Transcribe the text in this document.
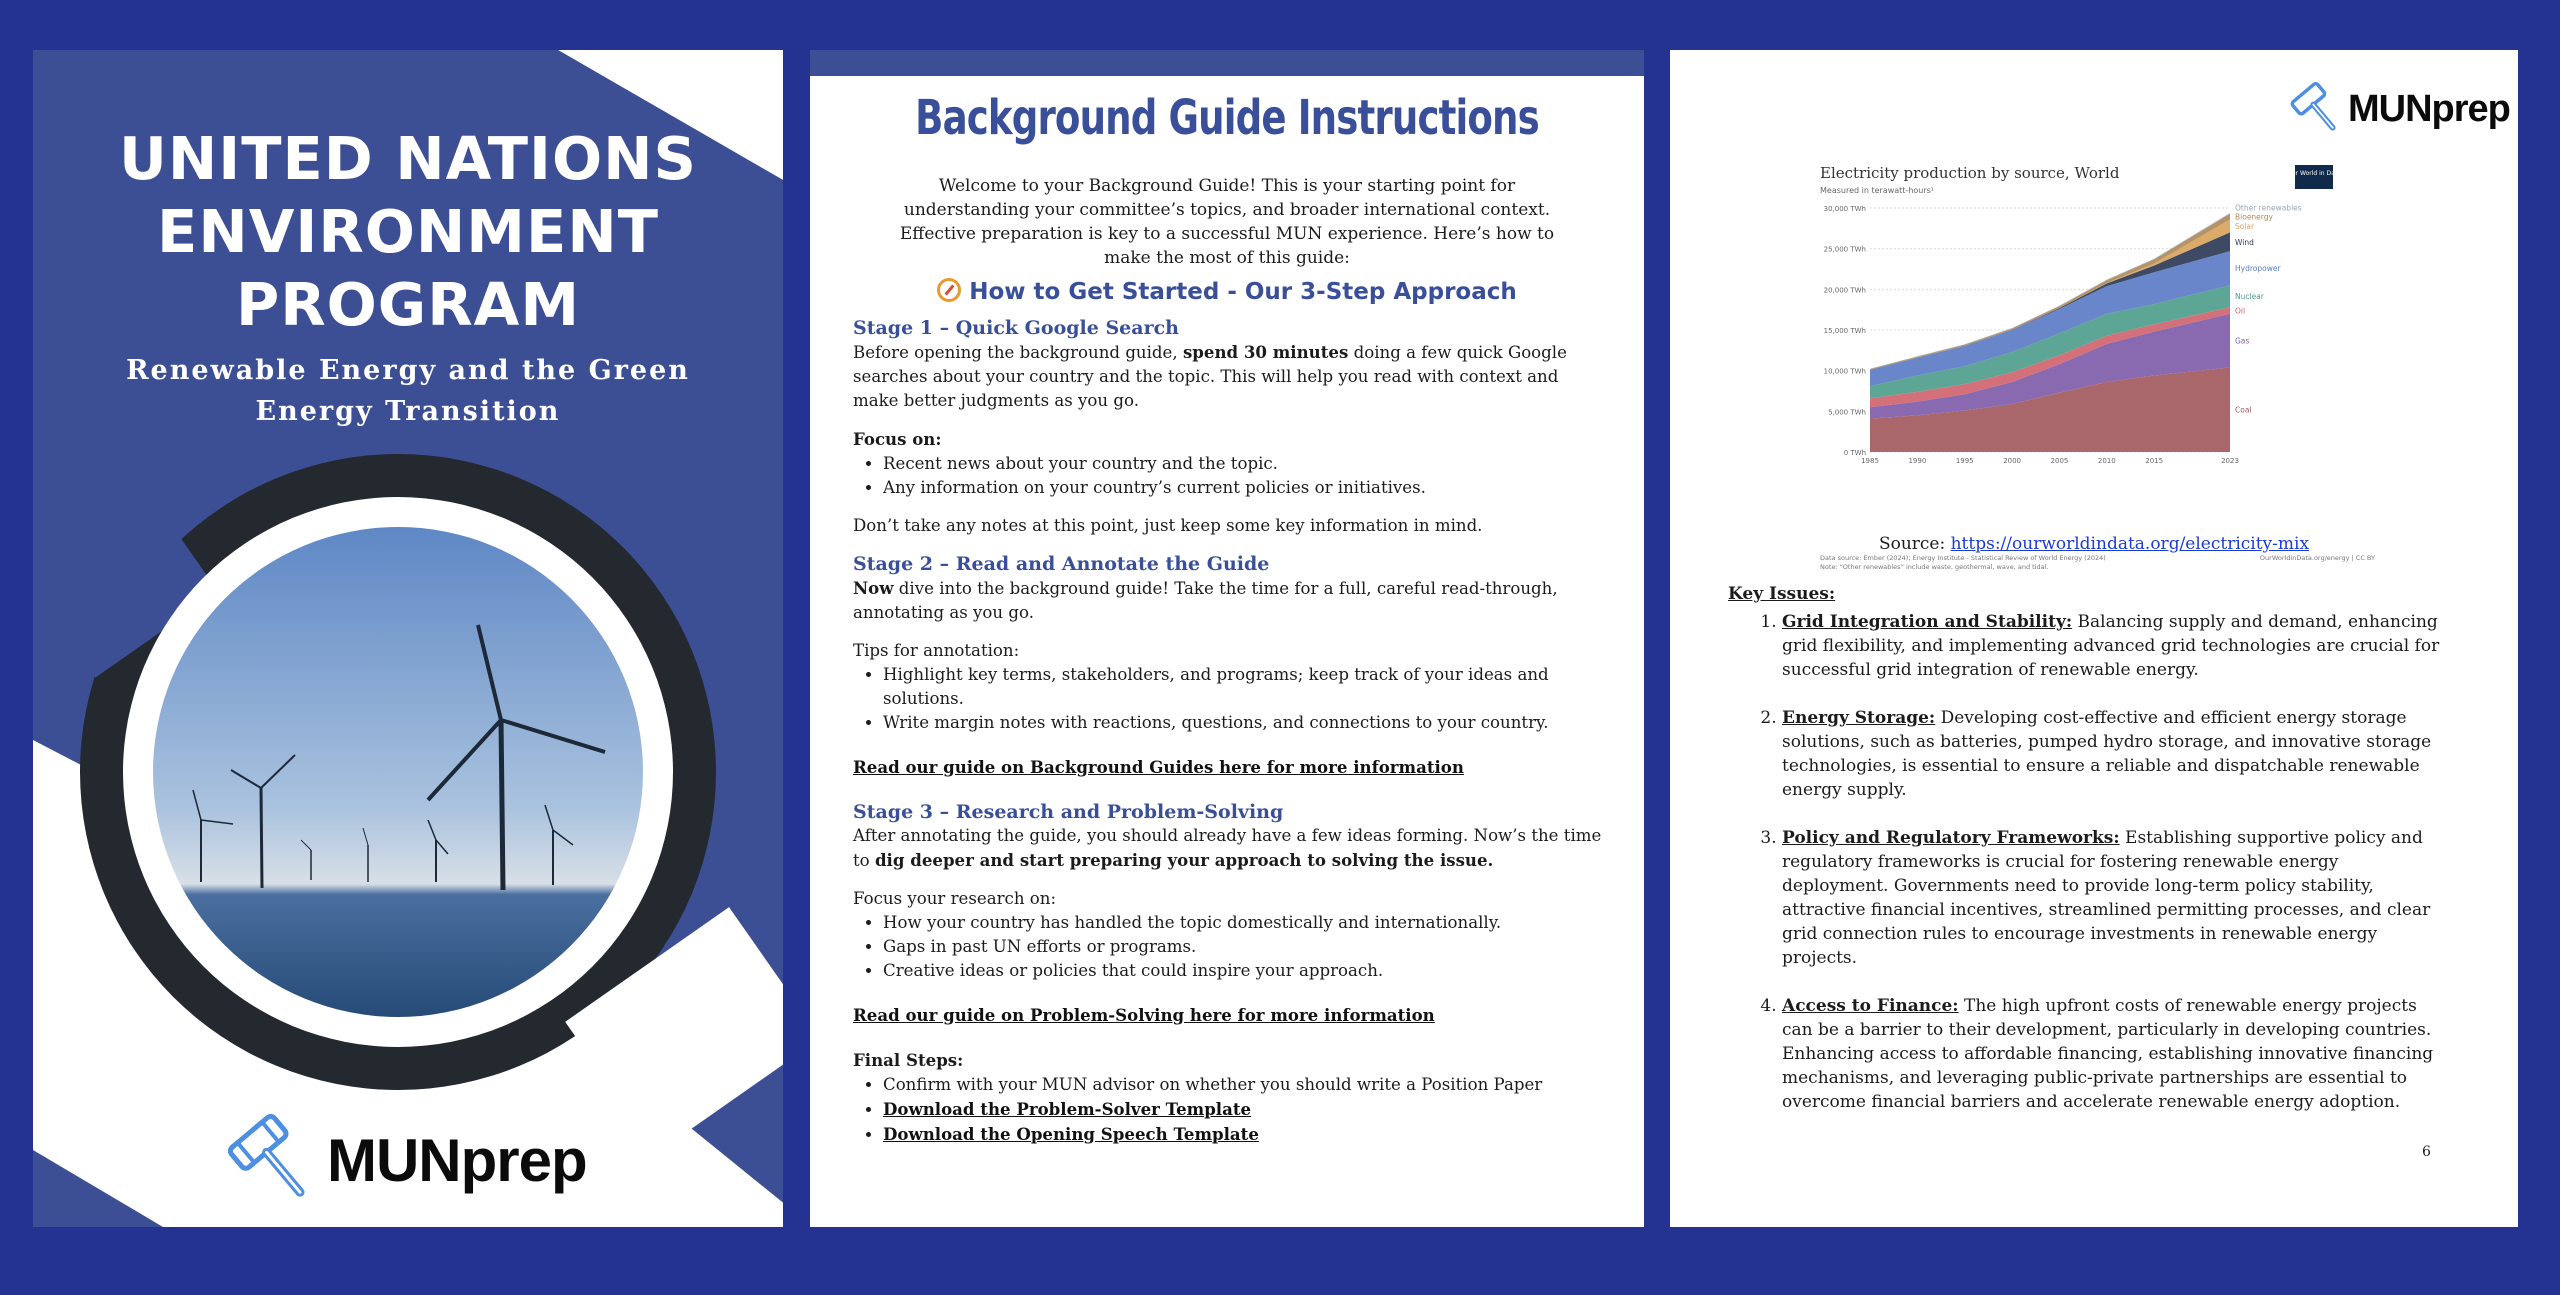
UNITED NATIONS
ENVIRONMENT
PROGRAM
Renewable Energy and the Green
Energy Transition
MUNprep
Background Guide Instructions
Welcome to your Background Guide! This is your starting point for understanding your committee’s topics, and broader international context. Effective preparation is key to a successful MUN experience. Here’s how to make the most of this guide:
How to Get Started - Our 3-Step Approach
Stage 1 – Quick Google Search

Before opening the background guide, spend 30 minutes doing a few quick Google searches about your country and the topic. This will help you read with context and make better judgments as you go.

Focus on:

• Recent news about your country and the topic.
• Any information on your country’s current policies or initiatives.

Don’t take any notes at this point, just keep some key information in mind.

Stage 2 – Read and Annotate the Guide

Now dive into the background guide! Take the time for a full, careful read-through, annotating as you go.

Tips for annotation:

• Highlight key terms, stakeholders, and programs; keep track of your ideas and solutions.
• Write margin notes with reactions, questions, and connections to your country.

Read our guide on Background Guides here for more information

Stage 3 – Research and Problem-Solving

After annotating the guide, you should already have a few ideas forming. Now’s the time to dig deeper and start preparing your approach to solving the issue.

Focus your research on:

• How your country has handled the topic domestically and internationally.
• Gaps in past UN efforts or programs.
• Creative ideas or policies that could inspire your approach.

Read our guide on Problem-Solving here for more information

Final Steps:

• Confirm with your MUN advisor on whether you should write a Position Paper
• Download the Problem-Solver Template
• Download the Opening Speech Template
MUNprep
Electricity production by source, World
Measured in terawatt-hours¹
Our World in Data
0 TWh
5,000 TWh
10,000 TWh
15,000 TWh
20,000 TWh
25,000 TWh
30,000 TWh
Coal
Gas
Oil
Nuclear
Hydropower
Wind
Solar
Bioenergy
Other renewables
1985	1990	1995	2000	2005	2010	2015	2023
Data source: Ember (2024); Energy Institute - Statistical Review of World Energy (2024)
Note: “Other renewables” include waste, geothermal, wave, and tidal.
OurWorldinData.org/energy | CC BY
Source: https://ourworldindata.org/electricity-mix
Key Issues:
1. Grid Integration and Stability: Balancing supply and demand, enhancing grid flexibility, and implementing advanced grid technologies are crucial for successful grid integration of renewable energy.
2. Energy Storage: Developing cost-effective and efficient energy storage solutions, such as batteries, pumped hydro storage, and innovative storage technologies, is essential to ensure a reliable and dispatchable renewable energy supply.
3. Policy and Regulatory Frameworks: Establishing supportive policy and regulatory frameworks is crucial for fostering renewable energy deployment. Governments need to provide long-term policy stability, attractive financial incentives, streamlined permitting processes, and clear grid connection rules to encourage investments in renewable energy projects.
4. Access to Finance: The high upfront costs of renewable energy projects can be a barrier to their development, particularly in developing countries. Enhancing access to affordable financing, establishing innovative financing mechanisms, and leveraging public-private partnerships are essential to overcome financial barriers and accelerate renewable energy adoption.
6
